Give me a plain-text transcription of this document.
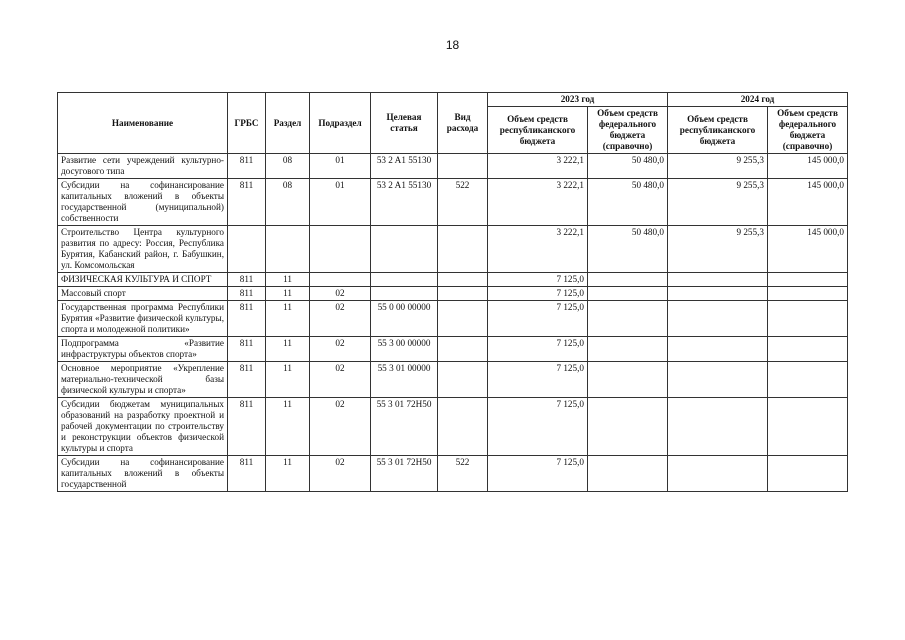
18
Наименование	ГРБС	Раздел	Подраздел	Целевая статья	Вид расхода	2023 год		2024 год	
						Объем средств республиканского бюджета	Объем средств федерального бюджета (справочно)	Объем средств республиканского бюджета	Объем средств федерального бюджета (справочно)
Развитие сети учреждений культурно-досугового типа	811	08	01	53 2 A1 55130		3 222,1	50 480,0	9 255,3	145 000,0
Субсидии на софинансирование капитальных вложений в объекты государственной (муниципальной) собственности	811	08	01	53 2 A1 55130	522	3 222,1	50 480,0	9 255,3	145 000,0
Строительство Центра культурного развития по адресу: Россия, Республика Бурятия, Кабанский район, г. Бабушкин, ул. Комсомольская						3 222,1	50 480,0	9 255,3	145 000,0
ФИЗИЧЕСКАЯ КУЛЬТУРА И СПОРТ	811	11				7 125,0			
Массовый спорт	811	11	02			7 125,0			
Государственная программа Республики Бурятия «Развитие физической культуры, спорта и молодежной политики»	811	11	02	55 0 00 00000		7 125,0			
Подпрограмма «Развитие инфраструктуры объектов спорта»	811	11	02	55 3 00 00000		7 125,0			
Основное мероприятие «Укрепление материально-технической базы физической культуры и спорта»	811	11	02	55 3 01 00000		7 125,0			
Субсидии бюджетам муниципальных образований на разработку проектной и рабочей документации по строительству и реконструкции объектов физической культуры и спорта	811	11	02	55 3 01 72H50		7 125,0			
Субсидии на софинансирование капитальных вложений в объекты государственной	811	11	02	55 3 01 72H50	522	7 125,0			
